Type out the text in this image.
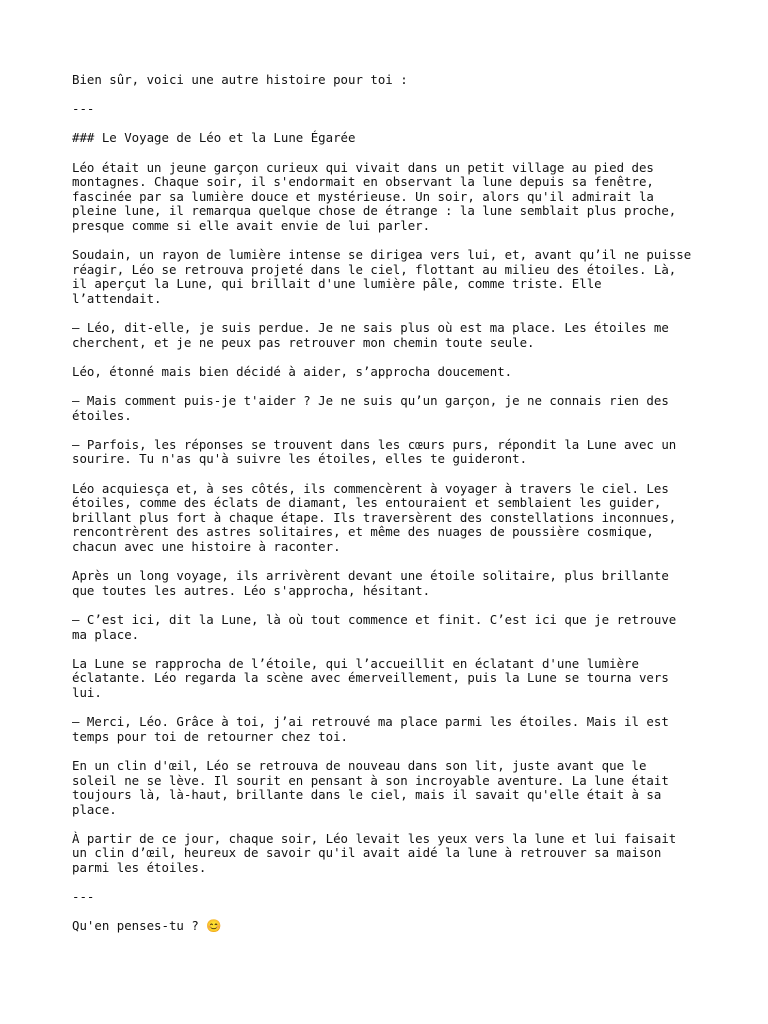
Bien sûr, voici une autre histoire pour toi :

---

### Le Voyage de Léo et la Lune Égarée

Léo était un jeune garçon curieux qui vivait dans un petit village au pied des
montagnes. Chaque soir, il s'endormait en observant la lune depuis sa fenêtre,
fascinée par sa lumière douce et mystérieuse. Un soir, alors qu'il admirait la
pleine lune, il remarqua quelque chose de étrange : la lune semblait plus proche,
presque comme si elle avait envie de lui parler.

Soudain, un rayon de lumière intense se dirigea vers lui, et, avant qu’il ne puisse
réagir, Léo se retrouva projeté dans le ciel, flottant au milieu des étoiles. Là,
il aperçut la Lune, qui brillait d'une lumière pâle, comme triste. Elle
l’attendait.

– Léo, dit-elle, je suis perdue. Je ne sais plus où est ma place. Les étoiles me
cherchent, et je ne peux pas retrouver mon chemin toute seule.

Léo, étonné mais bien décidé à aider, s’approcha doucement.

– Mais comment puis-je t'aider ? Je ne suis qu’un garçon, je ne connais rien des
étoiles.

– Parfois, les réponses se trouvent dans les cœurs purs, répondit la Lune avec un
sourire. Tu n'as qu'à suivre les étoiles, elles te guideront.

Léo acquiesça et, à ses côtés, ils commencèrent à voyager à travers le ciel. Les
étoiles, comme des éclats de diamant, les entouraient et semblaient les guider,
brillant plus fort à chaque étape. Ils traversèrent des constellations inconnues,
rencontrèrent des astres solitaires, et même des nuages de poussière cosmique,
chacun avec une histoire à raconter.

Après un long voyage, ils arrivèrent devant une étoile solitaire, plus brillante
que toutes les autres. Léo s'approcha, hésitant.

– C’est ici, dit la Lune, là où tout commence et finit. C’est ici que je retrouve
ma place.

La Lune se rapprocha de l’étoile, qui l’accueillit en éclatant d'une lumière
éclatante. Léo regarda la scène avec émerveillement, puis la Lune se tourna vers
lui.

– Merci, Léo. Grâce à toi, j’ai retrouvé ma place parmi les étoiles. Mais il est
temps pour toi de retourner chez toi.

En un clin d'œil, Léo se retrouva de nouveau dans son lit, juste avant que le
soleil ne se lève. Il sourit en pensant à son incroyable aventure. La lune était
toujours là, là-haut, brillante dans le ciel, mais il savait qu'elle était à sa
place.

À partir de ce jour, chaque soir, Léo levait les yeux vers la lune et lui faisait
un clin d’œil, heureux de savoir qu'il avait aidé la lune à retrouver sa maison
parmi les étoiles.

---

Qu'en penses-tu ? 😊
